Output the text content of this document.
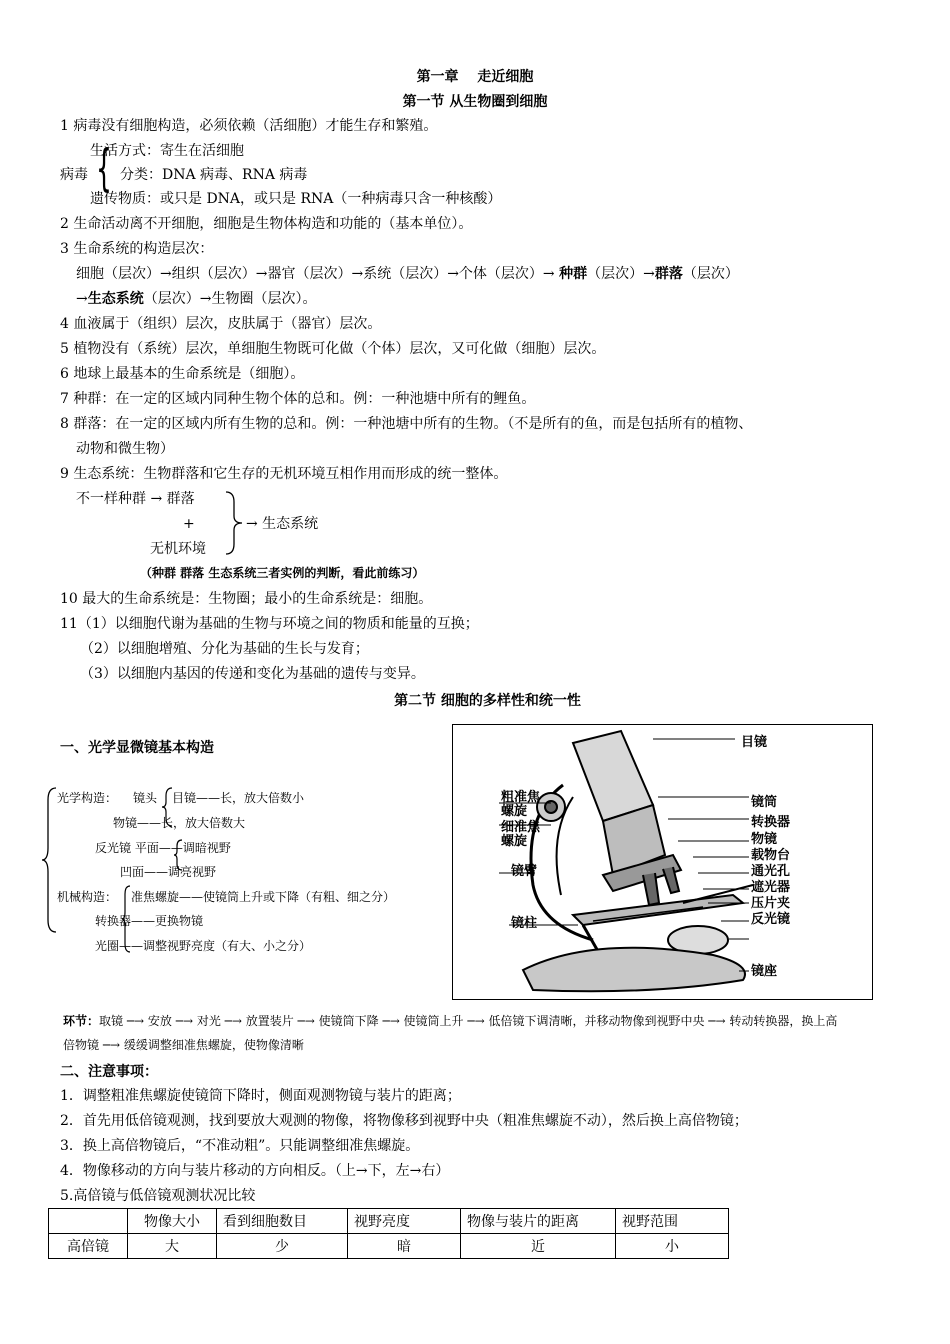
第一章　 走近细胞
第一节 从生物圈到细胞
1 病毒没有细胞构造，必须依赖（活细胞）才能生存和繁殖。
病毒 {
生活方式：寄生在活细胞
分类：DNA 病毒、RNA 病毒
遗传物质：或只是 DNA，或只是 RNA（一种病毒只含一种核酸）
2 生命活动离不开细胞，细胞是生物体构造和功能的（基本单位）。
3 生命系统的构造层次：
细胞（层次）→组织（层次）→器官（层次）→系统（层次）→个体（层次）→ 种群（层次）→群落（层次）
→生态系统（层次）→生物圈（层次）。
4 血液属于（组织）层次，皮肤属于（器官）层次。
5 植物没有（系统）层次，单细胞生物既可化做（个体）层次，又可化做（细胞）层次。
6 地球上最基本的生命系统是（细胞）。
7 种群：在一定的区域内同种生物个体的总和。例：一种池塘中所有的鲤鱼。
8 群落：在一定的区域内所有生物的总和。例：一种池塘中所有的生物。（不是所有的鱼，而是包括所有的植物、
动物和微生物）
9 生态系统：生物群落和它生存的无机环境互相作用而形成的统一整体。
不一样种群 → 群落
+
无机环境
→ 生态系统
（种群 群落 生态系统三者实例的判断，看此前练习）
10 最大的生命系统是：生物圈；最小的生命系统是：细胞。
11（1）以细胞代谢为基础的生物与环境之间的物质和能量的互换；
（2）以细胞增殖、分化为基础的生长与发育；
（3）以细胞内基因的传递和变化为基础的遗传与变异。
第二节 细胞的多样性和统一性
一、光学显微镜基本构造
光学构造： 镜头 目镜——长，放大倍数小
物镜——长，放大倍数大
反光镜 平面——调暗视野
凹面——调亮视野
机械构造： 准焦螺旋——使镜筒上升或下降（有粗、细之分）
转换器——更换物镜
光圈——调整视野亮度（有大、小之分）
目镜
镜筒
转换器
物镜
载物台
通光孔
遮光器
压片夹
反光镜
镜座
粗准焦
螺旋
细准焦
螺旋
镜臂
镜柱
环节：取镜 ─→ 安放 ─→ 对光 ─→ 放置装片 ─→ 使镜筒下降 ─→ 使镜筒上升 ─→ 低倍镜下调清晰，并移动物像到视野中央 ─→ 转动转换器，换上高
倍物镜 ─→ 缓缓调整细准焦螺旋，使物像清晰
二、注意事项：
1．调整粗准焦螺旋使镜筒下降时，侧面观测物镜与装片的距离；
2．首先用低倍镜观测，找到要放大观测的物像，将物像移到视野中央（粗准焦螺旋不动），然后换上高倍物镜；
3．换上高倍物镜后，“不准动粗”。只能调整细准焦螺旋。
4．物像移动的方向与装片移动的方向相反。（上→下，左→右）
5.高倍镜与低倍镜观测状况比较
	物像大小	看到细胞数目	视野亮度	物像与装片的距离	视野范围
高倍镜	大	少	暗	近	小
